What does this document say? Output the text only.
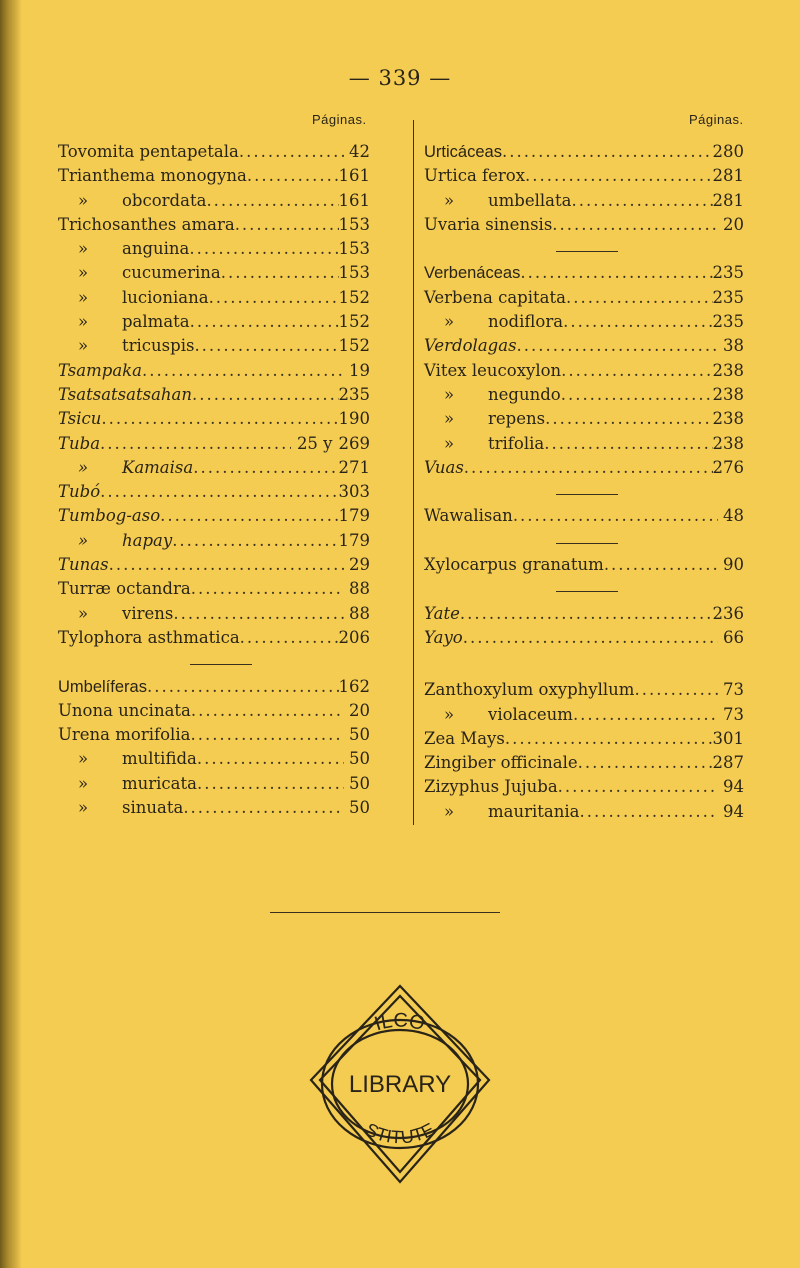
— 339 —
Páginas.	Páginas.
Tovomita pentapetala .....	42
Trianthema monogyna .....	161
» obcordata .....	161
Trichosanthes amara .....	153
» anguina .....	153
» cucumerina .....	153
» lucioniana .....	152
» palmata .....	152
» tricuspis .....	152
Tsampaka .....	19
Tsatsatsatsahan .....	235
Tsicu .....	190
Tuba .....	25 y 269
» Kamaisa .....	271
Tubó .....	303
Tumbog-aso .....	179
» hapay .....	179
Tunas .....	29
Turræ octandra .....	88
» virens .....	88
Tylophora asthmatica .....	206
Umbelíferas .....	162
Unona uncinata .....	20
Urena morifolia .....	50
» multifida .....	50
» muricata .....	50
» sinuata .....	50
Urticáceas .....	280
Urtica ferox .....	281
» umbellata .....	281
Uvaria sinensis .....	20
Verbenáceas .....	235
Verbena capitata .....	235
» nodiflora .....	235
Verdolagas .....	38
Vitex leucoxylon .....	238
» negundo .....	238
» repens .....	238
» trifolia .....	238
Vuas .....	276
Wawalisan .....	48
Xylocarpus granatum .....	90
Yate .....	236
Yayo .....	66
Zanthoxylum oxyphyllum .....	73
» violaceum .....	73
Zea Mays .....	301
Zingiber officinale .....	287
Zizyphus Jujuba .....	94
» mauritania .....	94
ILCO
LIBRARY
STITUTE
